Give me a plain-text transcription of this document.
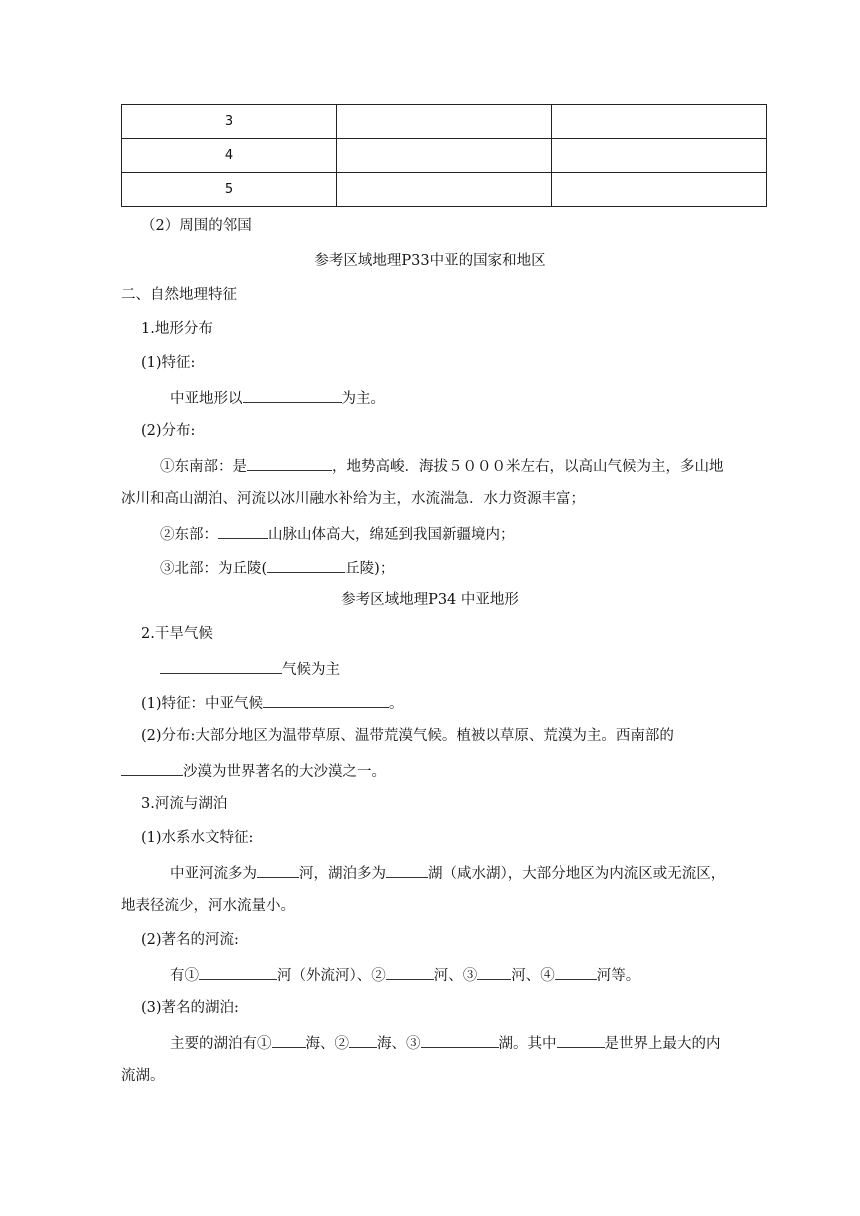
3		
4		
5		
（2）周围的邻国
参考区域地理P33中亚的国家和地区
二、自然地理特征
1.地形分布
(1)特征:
中亚地形以	为主。
(2)分布:
①东南部：是	，地势高峻．海拔５０００米左右，以高山气候为主，多山地
冰川和高山湖泊、河流以冰川融水补给为主，水流湍急．水力资源丰富；
②东部：	山脉山体高大，绵延到我国新疆境内；
③北部：为丘陵(	丘陵)；
参考区域地理P34 中亚地形
2.干旱气候
气候为主
(1)特征：中亚气候	。
(2)分布:大部分地区为温带草原、温带荒漠气候。植被以草原、荒漠为主。西南部的
沙漠为世界著名的大沙漠之一。
3.河流与湖泊
(1)水系水文特征:
中亚河流多为	河，湖泊多为	湖（咸水湖），大部分地区为内流区或无流区，
地表径流少，河水流量小。
(2)著名的河流:
有①	河（外流河）、②	河、③ 河、④	河等。
(3)著名的湖泊:
主要的湖泊有① 海、② 海、③	湖。其中	是世界上最大的内
流湖。
